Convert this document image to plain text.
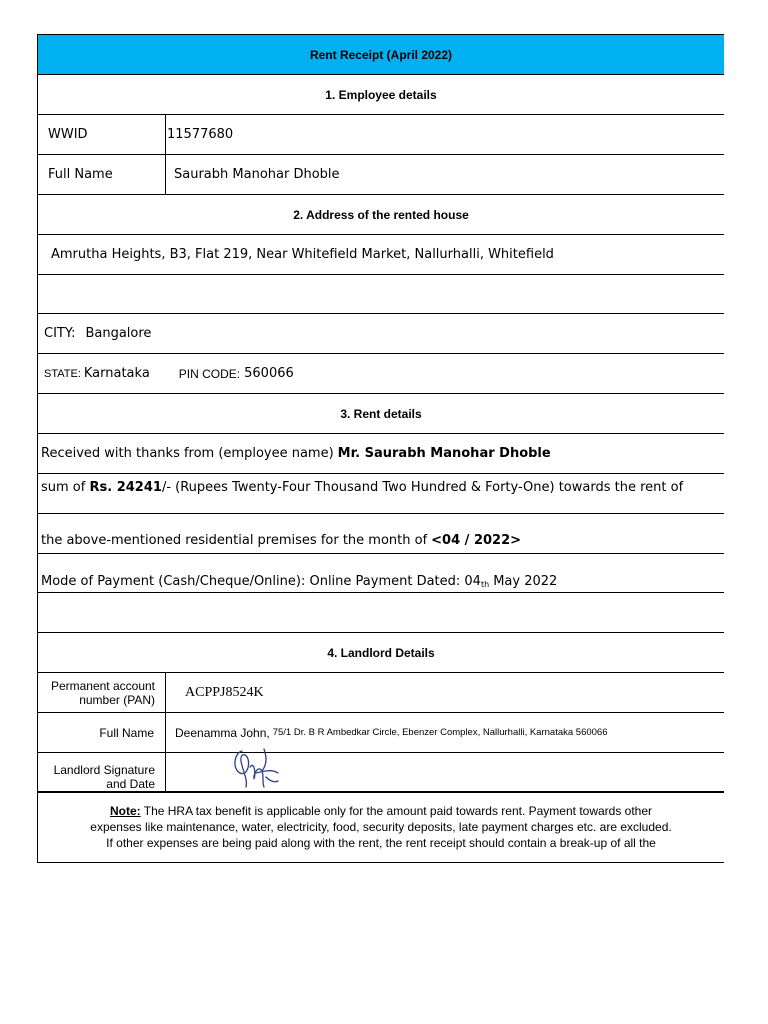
Rent Receipt (April 2022)
1. Employee details
WWID	11577680
Full Name	Saurabh Manohar Dhoble
2. Address of the rented house
Amrutha Heights, B3, Flat 219, Near Whitefield Market, Nallurhalli, Whitefield
CITY: Bangalore
STATE: Karnataka PIN CODE: 560066
3. Rent details
Received with thanks from (employee name) Mr. Saurabh Manohar Dhoble
sum of Rs. 24241/- (Rupees Twenty-Four Thousand Two Hundred & Forty-One) towards the rent of
the above-mentioned residential premises for the month of <04 / 2022>
Mode of Payment (Cash/Cheque/Online): Online Payment Dated: $04_{th}$ May 2022
4. Landlord Details
Permanent account number (PAN)	ACPPJ8524K
Full Name	Deenamma John, 75/1 Dr. B R Ambedkar Circle, Ebenzer Complex, Nallurhalli, Karnataka 560066
Landlord Signature and Date
Note: The HRA tax benefit is applicable only for the amount paid towards rent. Payment towards other
expenses like maintenance, water, electricity, food, security deposits, late payment charges etc. are excluded.
If other expenses are being paid along with the rent, the rent receipt should contain a break-up of all the
